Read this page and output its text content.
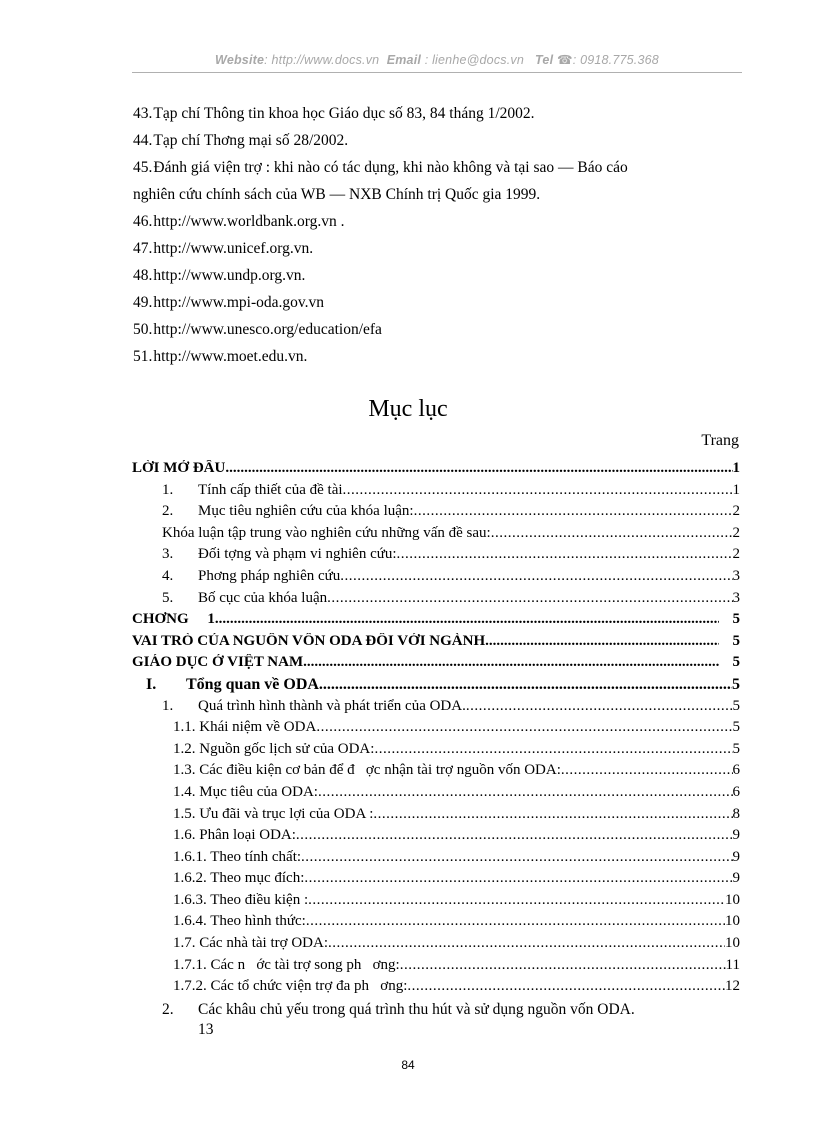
Website: http://www.docs.vn Email : lienhe@docs.vn Tel ☎: 0918.775.368
43.Tạp chí Thông tin khoa học Giáo dục số 83, 84 tháng 1/2002.
44.Tạp chí Thơng mại số 28/2002.
45.Đánh giá viện trợ : khi nào có tác dụng, khi nào không và tại sao — Báo cáo
nghiên cứu chính sách của WB — NXB Chính trị Quốc gia 1999.
46.http://www.worldbank.org.vn .
47.http://www.unicef.org.vn.
48.http://www.undp.org.vn.
49.http://www.mpi-oda.gov.vn
50.http://www.unesco.org/education/efa
51.http://www.moet.edu.vn.
Mục lục
Trang
LỜI MỞ ĐẦU .....	1
1. Tính cấp thiết của đề tài .....	1
2. Mục tiêu nghiên cứu của khóa luận: .....	2
Khóa luận tập trung vào nghiên cứu những vấn đề sau: .....	2
3. Đối tợng và phạm vi nghiên cứu: .....	2
4. Phơng pháp nghiên cứu .....	3
5. Bố cục của khóa luận .....	3
CHƠNG     1. .....	5
VAI TRÒ CỦA NGUỒN VỐN ODA ĐỐI VỚI NGÀNH .....	5
GIÁO DỤC Ở VIỆT NAM .....	5
I. Tổng quan về ODA .....	5
1. Quá trình hình thành và phát triển của ODA. .....	5
1.1. Khái niệm về ODA .....	5
1.2. Nguồn gốc lịch sử của ODA: .....	5
1.3. Các điều kiện cơ bản để đ   ợc nhận tài trợ nguồn vốn ODA: .....	6
1.4. Mục tiêu của ODA: .....	6
1.5. Ưu đãi và trục lợi của ODA : .....	8
1.6. Phân loại ODA: .....	9
1.6.1. Theo tính chất: .....	9
1.6.2. Theo mục đích: .....	9
1.6.3. Theo điều kiện : .....	10
1.6.4. Theo hình thức: .....	10
1.7. Các nhà tài trợ ODA: .....	10
1.7.1. Các n   ớc tài trợ song ph   ơng: .....	11
1.7.2. Các tổ chức viện trợ đa ph   ơng: .....	12
2. Các khâu chủ yếu trong quá trình thu hút và sử dụng nguồn vốn ODA.
13
84
